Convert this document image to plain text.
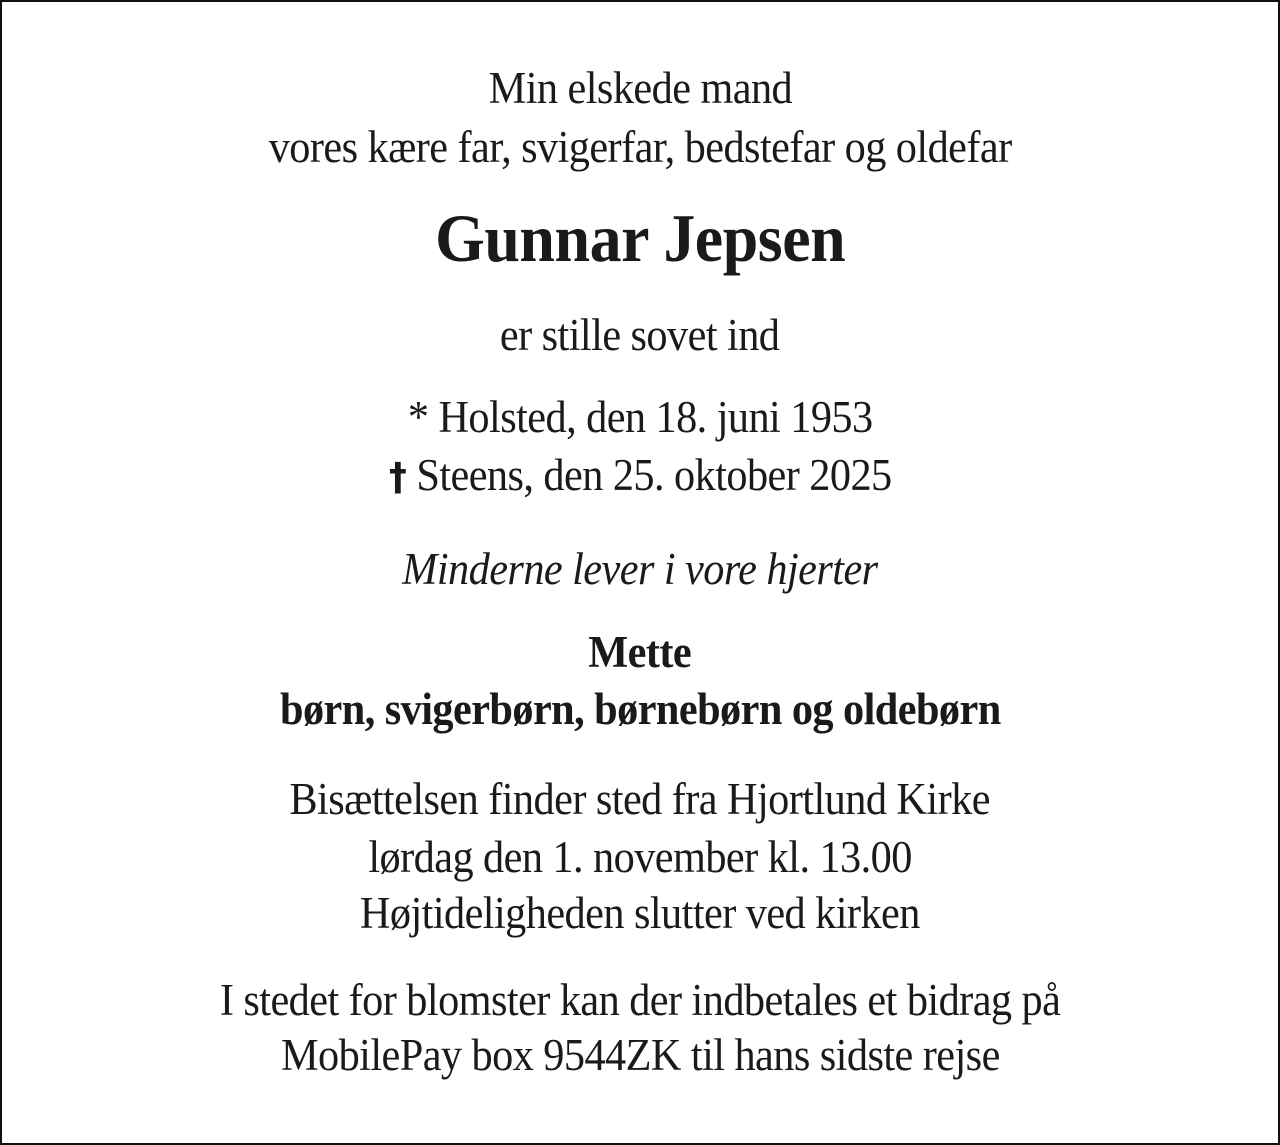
Min elskede mand
vores kære far, svigerfar, bedstefar og oldefar
Gunnar Jepsen
er stille sovet ind
* Holsted, den 18. juni 1953
† Steens, den 25. oktober 2025
Minderne lever i vore hjerter
Mette
børn, svigerbørn, børnebørn og oldebørn
Bisættelsen finder sted fra Hjortlund Kirke
lørdag den 1. november kl. 13.00
Højtideligheden slutter ved kirken
I stedet for blomster kan der indbetales et bidrag på
MobilePay box 9544ZK til hans sidste rejse
